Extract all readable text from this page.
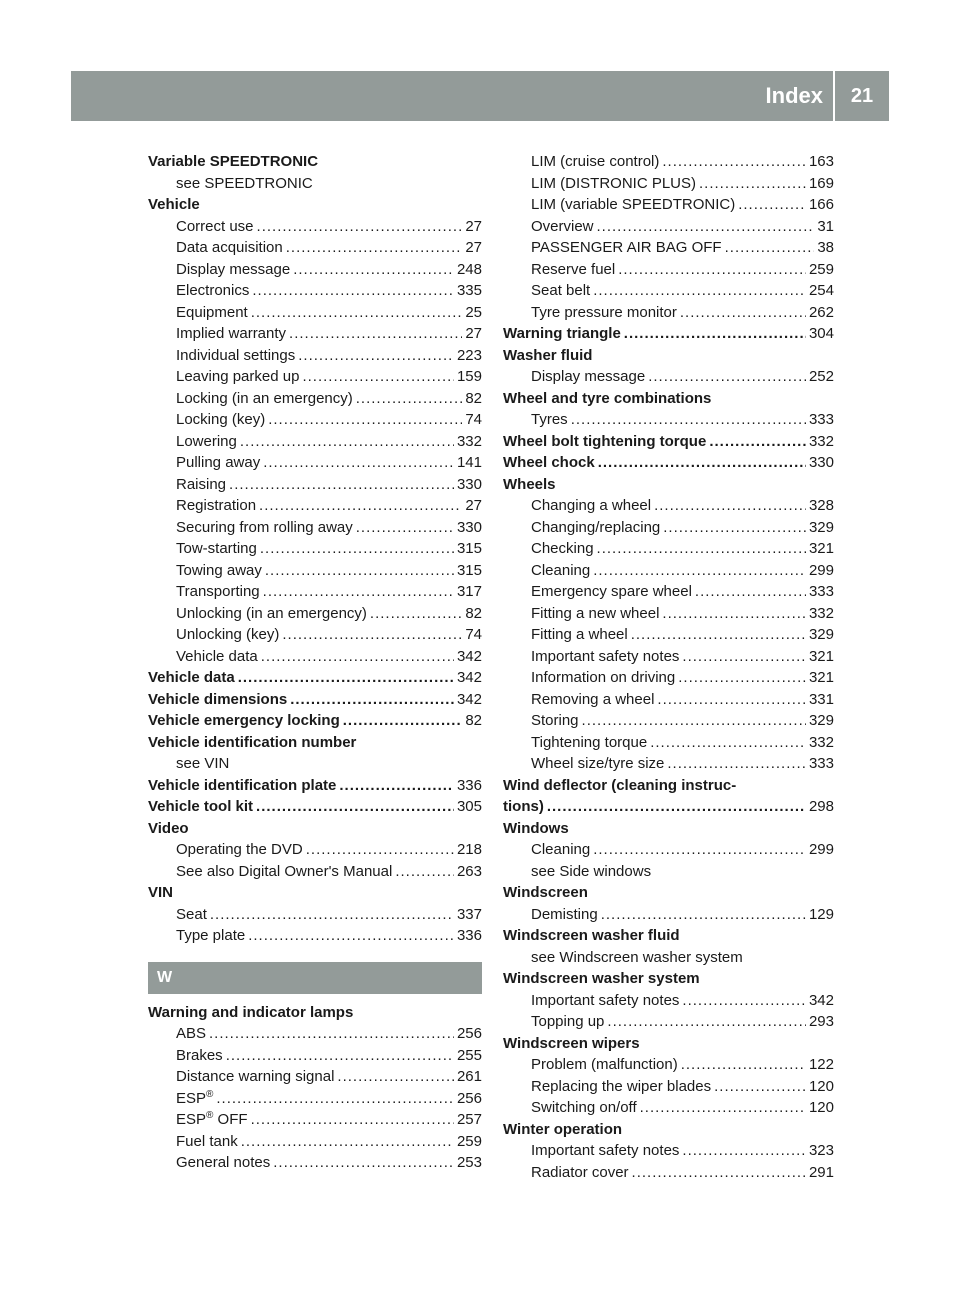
Index	21
Variable SPEEDTRONIC
see SPEEDTRONIC
Vehicle
Correct use .....	27
Data acquisition .....	27
Display message .....	248
Electronics .....	335
Equipment .....	25
Implied warranty .....	27
Individual settings .....	223
Leaving parked up .....	159
Locking (in an emergency) .....	82
Locking (key) .....	74
Lowering .....	332
Pulling away .....	141
Raising .....	330
Registration .....	27
Securing from rolling away .....	330
Tow-starting .....	315
Towing away .....	315
Transporting .....	317
Unlocking (in an emergency) .....	82
Unlocking (key) .....	74
Vehicle data .....	342
Vehicle data .....	342
Vehicle dimensions .....	342
Vehicle emergency locking .....	82
Vehicle identification number
see VIN
Vehicle identification plate .....	336
Vehicle tool kit .....	305
Video
Operating the DVD .....	218
See also Digital Owner's Manual .....	263
VIN
Seat .....	337
Type plate .....	336
W
Warning and indicator lamps
ABS .....	256
Brakes .....	255
Distance warning signal .....	261
ESP® .....	256
ESP® OFF .....	257
Fuel tank .....	259
General notes .....	253
LIM (cruise control) .....	163
LIM (DISTRONIC PLUS) .....	169
LIM (variable SPEEDTRONIC) .....	166
Overview .....	31
PASSENGER AIR BAG OFF .....	38
Reserve fuel .....	259
Seat belt .....	254
Tyre pressure monitor .....	262
Warning triangle .....	304
Washer fluid
Display message .....	252
Wheel and tyre combinations
Tyres .....	333
Wheel bolt tightening torque .....	332
Wheel chock .....	330
Wheels
Changing a wheel .....	328
Changing/replacing .....	329
Checking .....	321
Cleaning .....	299
Emergency spare wheel .....	333
Fitting a new wheel .....	332
Fitting a wheel .....	329
Important safety notes .....	321
Information on driving .....	321
Removing a wheel .....	331
Storing .....	329
Tightening torque .....	332
Wheel size/tyre size .....	333
Wind deflector (cleaning instruc-
tions) .....	298
Windows
Cleaning .....	299
see Side windows
Windscreen
Demisting .....	129
Windscreen washer fluid
see Windscreen washer system
Windscreen washer system
Important safety notes .....	342
Topping up .....	293
Windscreen wipers
Problem (malfunction) .....	122
Replacing the wiper blades .....	120
Switching on/off .....	120
Winter operation
Important safety notes .....	323
Radiator cover .....	291
